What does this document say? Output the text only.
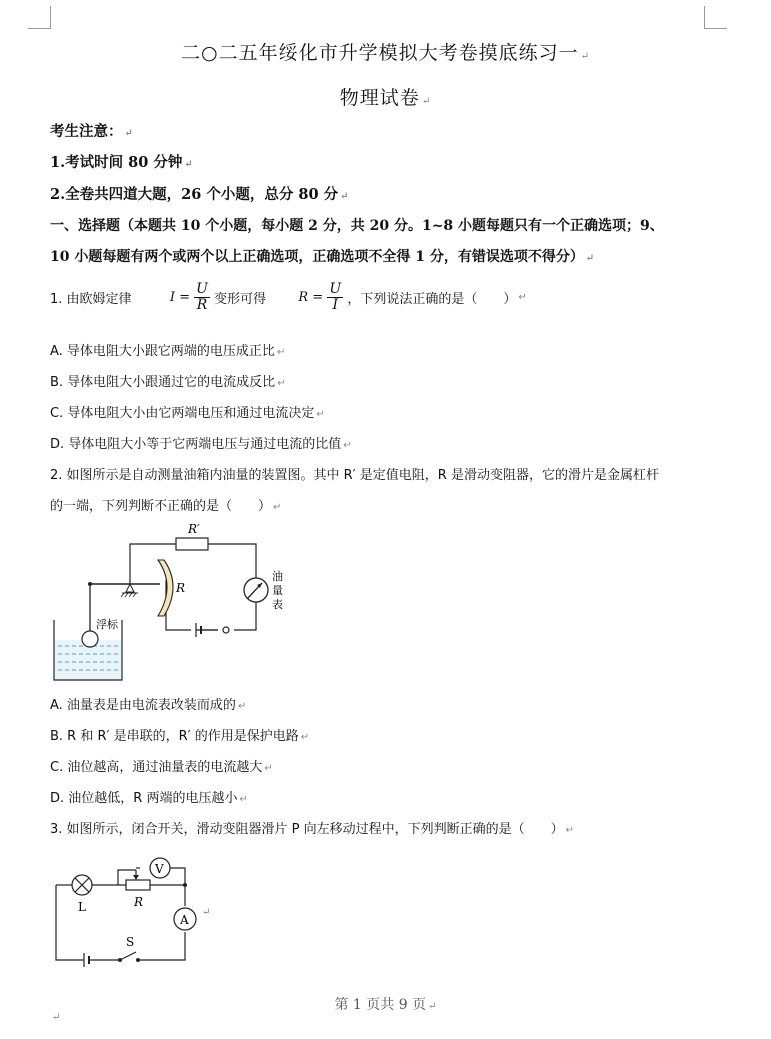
二○二五年绥化市升学模拟大考卷摸底练习一 ↵
物理试卷 ↵
考生注意： ↵
1.考试时间 80 分钟 ↵
2.全卷共四道大题，26 个小题，总分 80 分 ↵
一、选择题（本题共 10 个小题，每小题 2 分，共 20 分。1~8 小题每题只有一个正确选项；9、
10 小题每题有两个或两个以上正确选项，正确选项不全得 1 分，有错误选项不得分） ↵
1. 由欧姆定律	$I = \frac{U}{R}$ 变形可得 $R = \frac{U}{I}$ ，下列说法正确的是（　　） ↵
A. 导体电阻大小跟它两端的电压成正比 ↵
B. 导体电阻大小跟通过它的电流成反比 ↵
C. 导体电阻大小由它两端电压和通过电流决定 ↵
D. 导体电阻大小等于它两端电压与通过电流的比值 ↵
2. 如图所示是自动测量油箱内油量的装置图。其中 R′ 是定值电阻，R 是滑动变阻器，它的滑片是金属杠杆
的一端，下列判断不正确的是（　　） ↵
R′
油
量
表
R
浮标
A. 油量表是由电流表改装而成的 ↵
B. R 和 R′ 是串联的，R′ 的作用是保护电路 ↵
C. 油位越高，通过油量表的电流越大 ↵
D. 油位越低，R 两端的电压越小 ↵
3. 如图所示，闭合开关，滑动变阻器滑片 P 向左移动过程中，下列判断正确的是（　　） ↵
L	R
V
A
S
↵
第 1 页共 9 页 ↵
↵
